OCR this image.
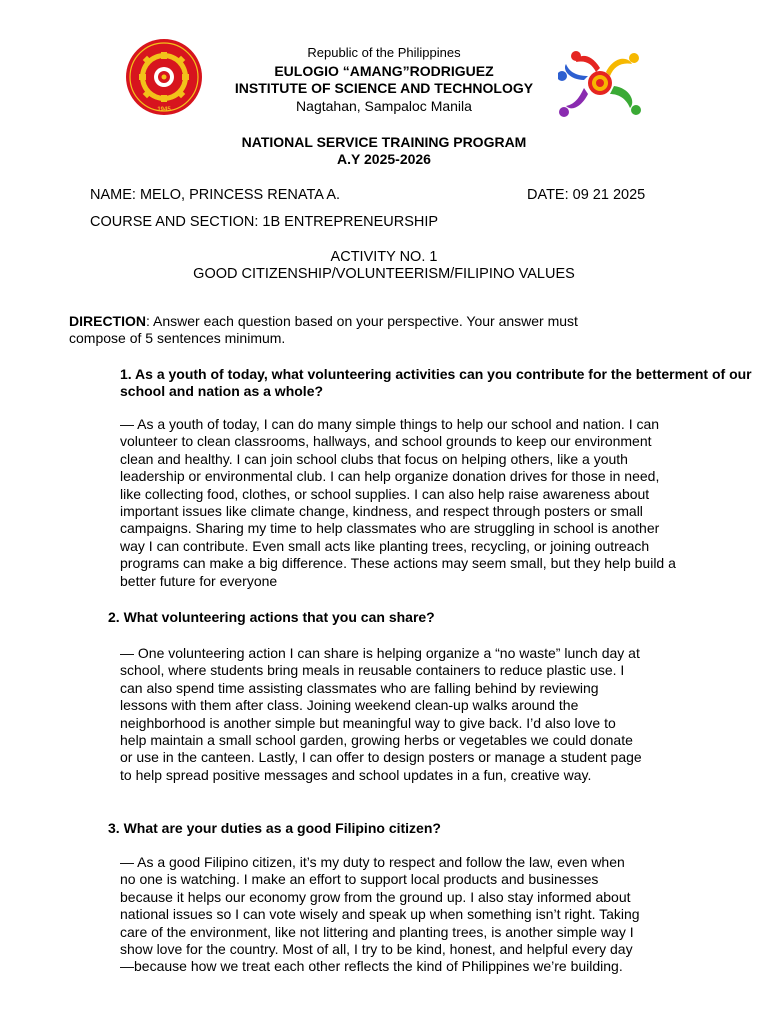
1945
Republic of the Philippines
EULOGIO “AMANG”RODRIGUEZ
INSTITUTE OF SCIENCE AND TECHNOLOGY
Nagtahan, Sampaloc Manila
NATIONAL SERVICE TRAINING PROGRAM
A.Y 2025-2026
NAME: MELO, PRINCESS RENATA A.	DATE: 09 21 2025
COURSE AND SECTION: 1B ENTREPRENEURSHIP
ACTIVITY NO. 1
GOOD CITIZENSHIP/VOLUNTEERISM/FILIPINO VALUES
DIRECTION: Answer each question based on your perspective. Your answer must compose of 5 sentences minimum.
1. As a youth of today, what volunteering activities can you contribute for the betterment of our school and nation as a whole?
— As a youth of today, I can do many simple things to help our school and nation. I can volunteer to clean classrooms, hallways, and school grounds to keep our environment clean and healthy. I can join school clubs that focus on helping others, like a youth leadership or environmental club. I can help organize donation drives for those in need, like collecting food, clothes, or school supplies. I can also help raise awareness about important issues like climate change, kindness, and respect through posters or small campaigns. Sharing my time to help classmates who are struggling in school is another way I can contribute. Even small acts like planting trees, recycling, or joining outreach programs can make a big difference. These actions may seem small, but they help build a better future for everyone
2. What volunteering actions that you can share?
— One volunteering action I can share is helping organize a “no waste” lunch day at school, where students bring meals in reusable containers to reduce plastic use. I can also spend time assisting classmates who are falling behind by reviewing lessons with them after class. Joining weekend clean-up walks around the neighborhood is another simple but meaningful way to give back. I’d also love to help maintain a small school garden, growing herbs or vegetables we could donate or use in the canteen. Lastly, I can offer to design posters or manage a student page to help spread positive messages and school updates in a fun, creative way.
3. What are your duties as a good Filipino citizen?
— As a good Filipino citizen, it’s my duty to respect and follow the law, even when no one is watching. I make an effort to support local products and businesses because it helps our economy grow from the ground up. I also stay informed about national issues so I can vote wisely and speak up when something isn’t right. Taking care of the environment, like not littering and planting trees, is another simple way I show love for the country. Most of all, I try to be kind, honest, and helpful every day—because how we treat each other reflects the kind of Philippines we’re building.
